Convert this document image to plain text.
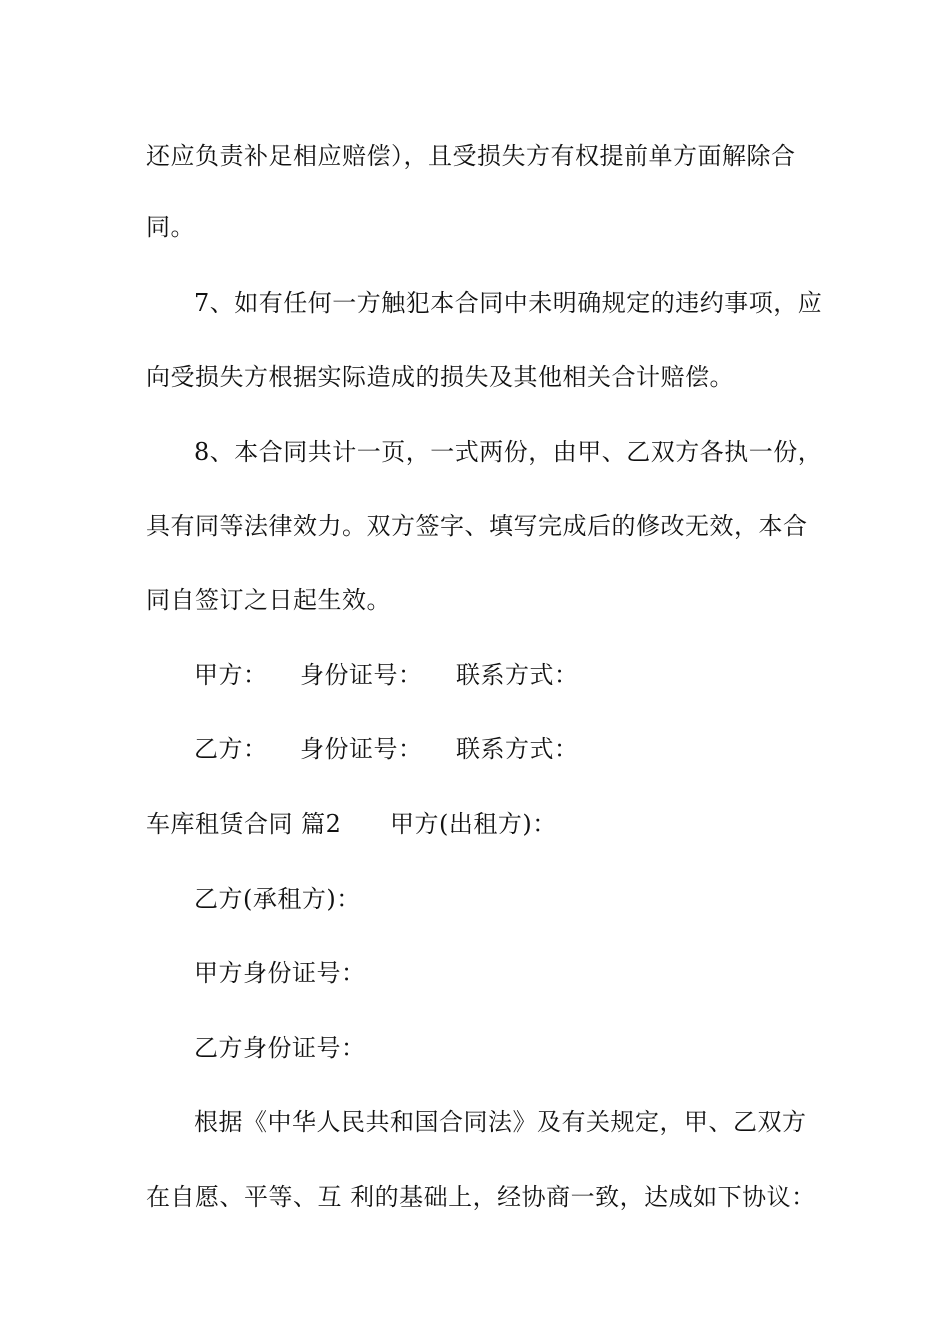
还应负责补足相应赔偿），且受损失方有权提前单方面解除合
同。
7、如有任何一方触犯本合同中未明确规定的违约事项，应
向受损失方根据实际造成的损失及其他相关合计赔偿。
8、本合同共计一页，一式两份，由甲、乙双方各执一份，
具有同等法律效力。双方签字、填写完成后的修改无效，本合
同自签订之日起生效。
甲方： 身份证号： 联系方式：
乙方： 身份证号： 联系方式：
车库租赁合同 篇2 甲方(出租方)：
乙方(承租方)：
甲方身份证号：
乙方身份证号：
根据《中华人民共和国合同法》及有关规定，甲、乙双方
在自愿、平等、互 利的基础上，经协商一致，达成如下协议：
